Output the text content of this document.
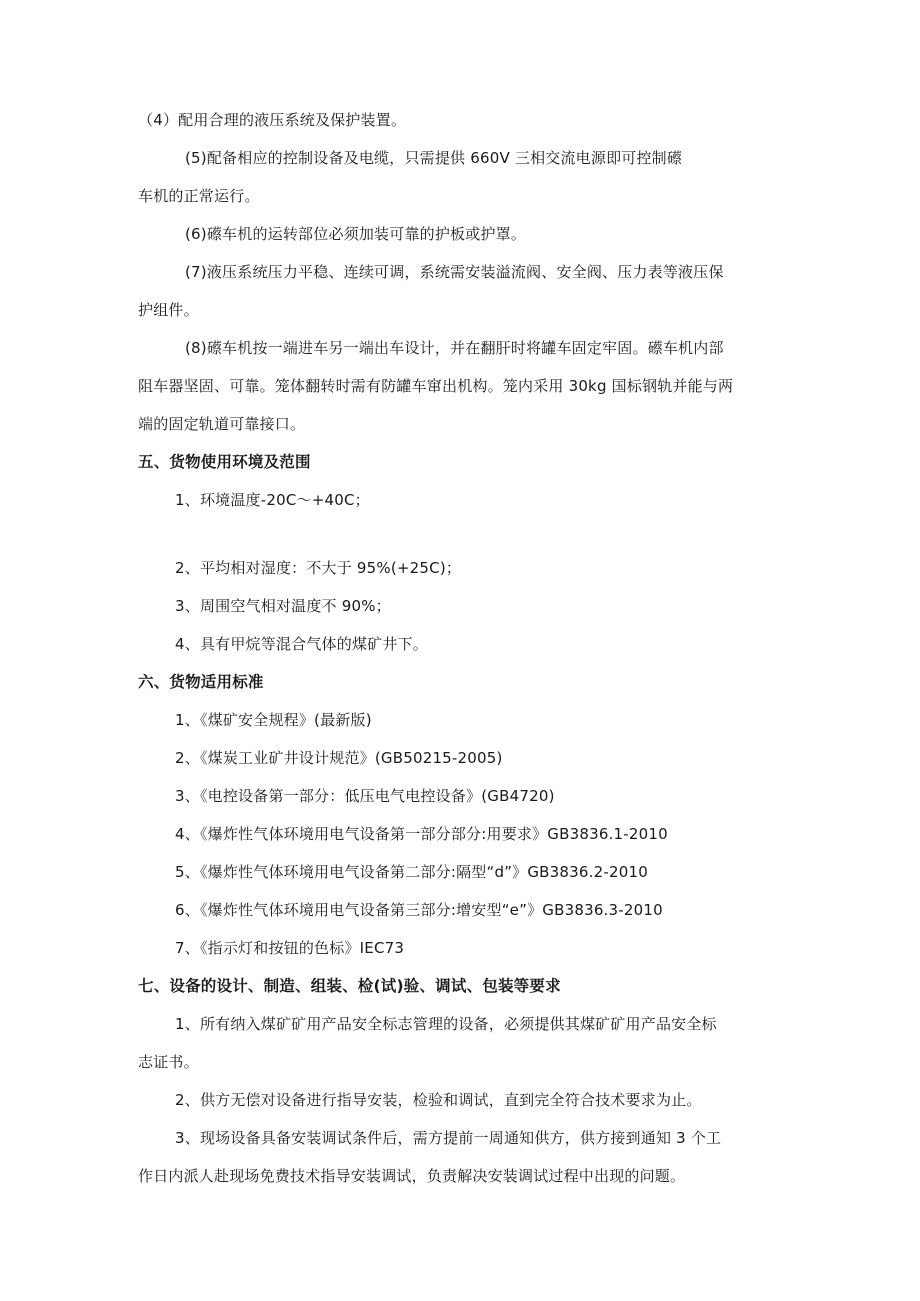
（4）配用合理的液压系统及保护装置。
(5)配备相应的控制设备及电缆，只需提供 660V 三相交流电源即可控制礤
车机的正常运行。
(6)礤车机的运转部位必须加装可靠的护板或护罩。
(7)液压系统压力平稳、连续可调，系统需安装溢流阀、安全阀、压力表等液压保
护组件。
(8)礤车机按一端进车另一端出车设计，并在翻肝时将罐车固定牢固。礤车机内部
阻车器坚固、可靠。笼体翻转时需有防罐车窜出机构。笼内采用 30kg 国标钢轨并能与两
端的固定轨道可靠接口。
五、货物使用环境及范围
1、环境温度-20C～+40C；
2、平均相对湿度：不大于 95%(+25C)；
3、周围空气相对温度不 90%；
4、具有甲烷等混合气体的煤矿井下。
六、货物适用标准
1、《煤矿安全规程》(最新版)
2、《煤炭工业矿井设计规范》(GB50215-2005)
3、《电控设备第一部分：低压电气电控设备》(GB4720)
4、《爆炸性气体环境用电气设备第一部分部分:用要求》GB3836.1-2010
5、《爆炸性气体环境用电气设备第二部分:隔型“d”》GB3836.2-2010
6、《爆炸性气体环境用电气设备第三部分:增安型“e”》GB3836.3-2010
7、《指示灯和按钮的色标》IEC73
七、设备的设计、制造、组装、检(试)验、调试、包装等要求
1、所有纳入煤矿矿用产品安全标志管理的设备，必须提供其煤矿矿用产品安全标
志证书。
2、供方无偿对设备进行指导安装，检验和调试，直到完全符合技术要求为止。
3、现场设备具备安装调试条件后，需方提前一周通知供方，供方接到通知 3 个工
作日内派人赴现场免费技术指导安装调试，负责解决安装调试过程中出现的问题。
